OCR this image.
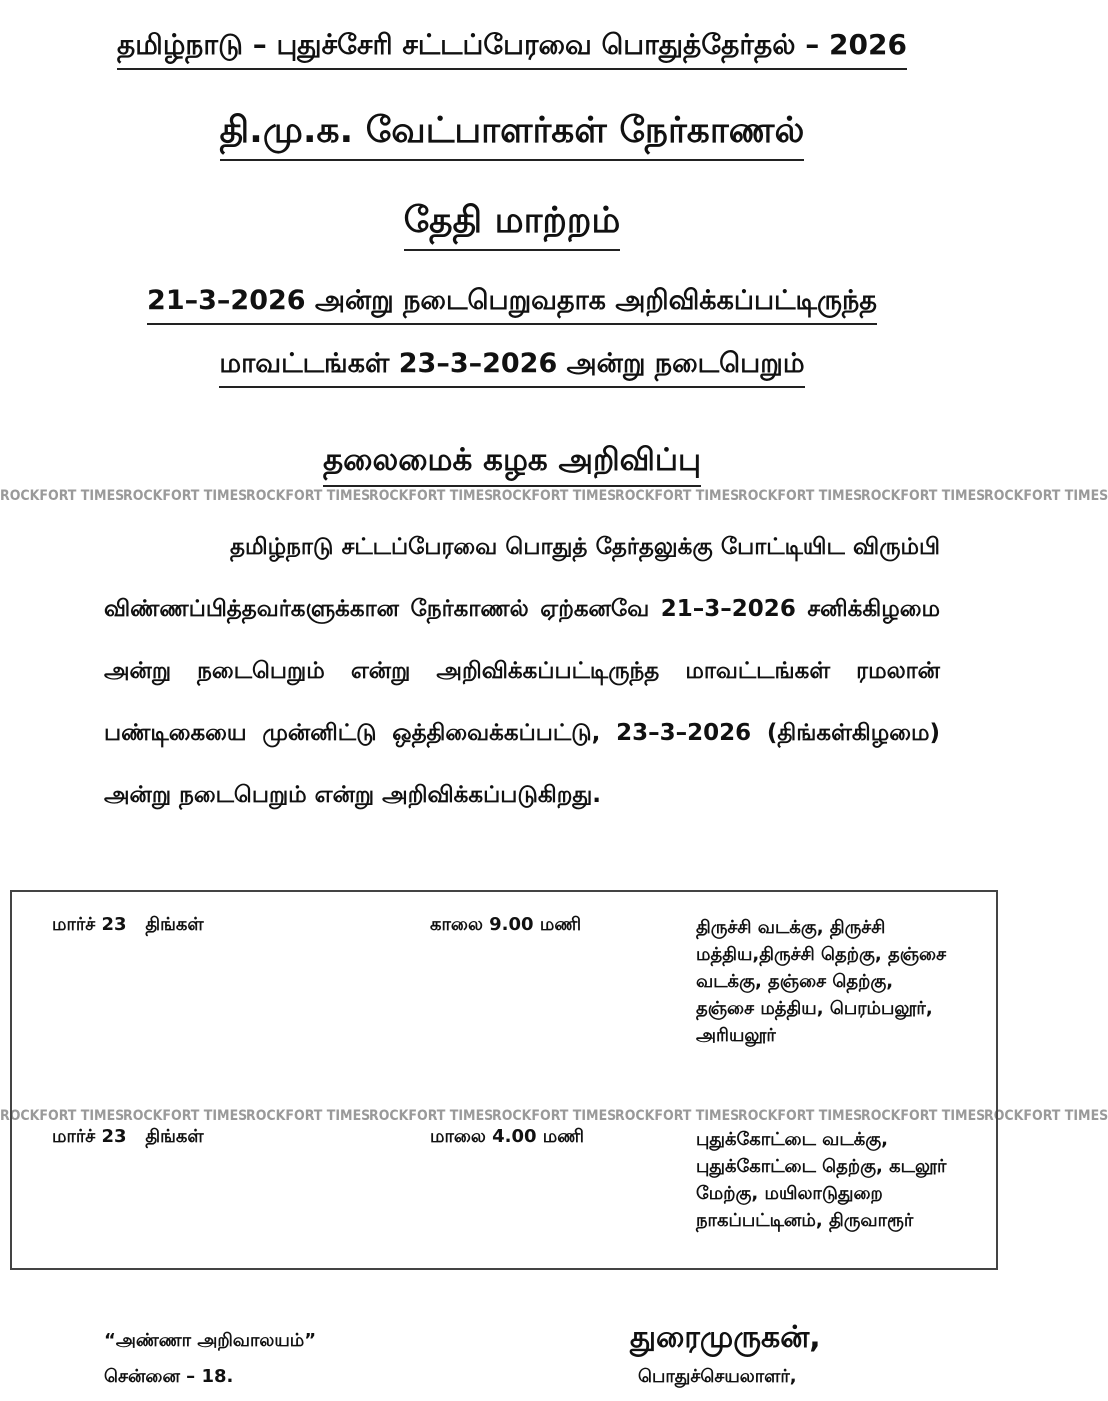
தமிழ்நாடு – புதுச்சேரி சட்டப்பேரவை பொதுத்தேர்தல் – 2026
தி.மு.க. வேட்பாளர்கள் நேர்காணல்
தேதி மாற்றம்
21–3–2026 அன்று நடைபெறுவதாக அறிவிக்கப்பட்டிருந்த
மாவட்டங்கள் 23–3–2026 அன்று நடைபெறும்
தலைமைக் கழக அறிவிப்பு
ROCKFORT TIMESROCKFORT TIMESROCKFORT TIMESROCKFORT TIMESROCKFORT TIMESROCKFORT TIMESROCKFORT TIMESROCKFORT TIMESROCKFORT TIMES
ROCKFORT TIMESROCKFORT TIMESROCKFORT TIMESROCKFORT TIMESROCKFORT TIMESROCKFORT TIMESROCKFORT TIMESROCKFORT TIMESROCKFORT TIMES

தமிழ்நாடு சட்டப்பேரவை பொதுத் தேர்தலுக்கு போட்டியிட விரும்பி விண்ணப்பித்தவர்களுக்கான நேர்காணல் ஏற்கனவே 21–3–2026 சனிக்கிழமை அன்று நடைபெறும் என்று அறிவிக்கப்பட்டிருந்த மாவட்டங்கள் ரமலான் பண்டிகையை முன்னிட்டு ஒத்திவைக்கப்பட்டு, 23–3–2026 (திங்கள்கிழமை) அன்று நடைபெறும் என்று அறிவிக்கப்படுகிறது.

மார்ச் 23 திங்கள்	காலை 9.00 மணி	திருச்சி வடக்கு, திருச்சி மத்திய,திருச்சி தெற்கு, தஞ்சை வடக்கு, தஞ்சை தெற்கு, தஞ்சை மத்திய, பெரம்பலூர், அரியலூர்
மார்ச் 23 திங்கள்	மாலை 4.00 மணி	புதுக்கோட்டை வடக்கு, புதுக்கோட்டை தெற்கு, கடலூர் மேற்கு, மயிலாடுதுறை நாகப்பட்டினம், திருவாரூர்
“அண்ணா அறிவாலயம்”
சென்னை – 18.
துரைமுருகன்,
பொதுச்செயலாளர்,
